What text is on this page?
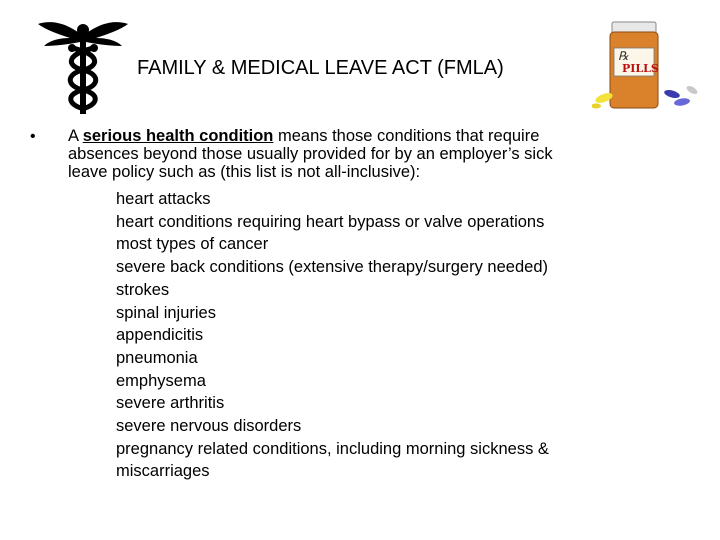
℞
PILLS
FAMILY & MEDICAL LEAVE ACT (FMLA)
• A serious health condition means those conditions that require
absences beyond those usually provided for by an employer’s sick
leave policy such as (this list is not all-inclusive):
heart attacks
heart conditions requiring heart bypass or valve operations
most types of cancer
severe back conditions (extensive therapy/surgery needed)
strokes
spinal injuries
appendicitis
pneumonia
emphysema
severe arthritis
severe nervous disorders
pregnancy related conditions, including morning sickness &
miscarriages
